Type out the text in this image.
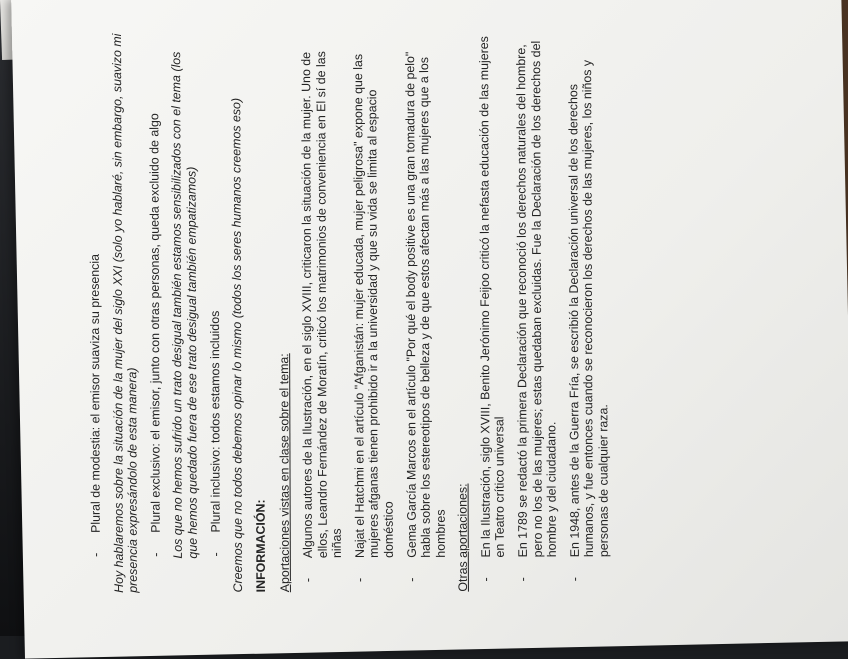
-
Plural de modestia: el emisor suaviza su presencia Hoy hablaremos sobre la situación de la mujer del siglo XXI (solo yo hablaré, sin embargo, suavizo mi presencia expresándolo de esta manera) -
Plural exclusivo: el emisor, junto con otras personas, queda excluido de algo Los que no hemos sufrido un trato desigual también estamos sensibilizados con el tema (los que hemos quedado fuera de ese trato desigual también empatizamos) -
Plural inclusivo: todos estamos incluidos Creemos que no todos debemos opinar lo mismo (todos los seres humanos creemos eso) INFORMACIÓN: Aportaciones vistas en clase sobre el tema: -
Algunos autores de la Ilustración, en el siglo XVIII, criticaron la situación de la mujer. Uno de ellos, Leandro Fernández de Moratín, criticó los matrimonios de conveniencia en El sí de las niñas
-
Najat el Hatchmi en el artículo "Afganistán: mujer educada, mujer peligrosa" expone que las mujeres afganas tienen prohibido ir a la universidad y que su vida se limita al espacio doméstico
-
Gema García Marcos en el artículo "Por qué el body positive es una gran tomadura de pelo" habla sobre los estereotipos de belleza y de que estos afectan más a las mujeres que a los hombres Otras aportaciones: -
En la Ilustración, siglo XVIII, Benito Jerónimo Feijoo criticó la nefasta educación de las mujeres en Teatro crítico universal
-
En 1789 se redactó la primera Declaración que reconoció los derechos naturales del hombre, pero no los de las mujeres; estas quedaban excluidas. Fue la Declaración de los derechos del hombre y del ciudadano.
-
En 1948, antes de la Guerra Fría, se escribió la Declaración universal de los derechos humanos, y fue entonces cuando se reconocieron los derechos de las mujeres, los niños y personas de cualquier raza.
